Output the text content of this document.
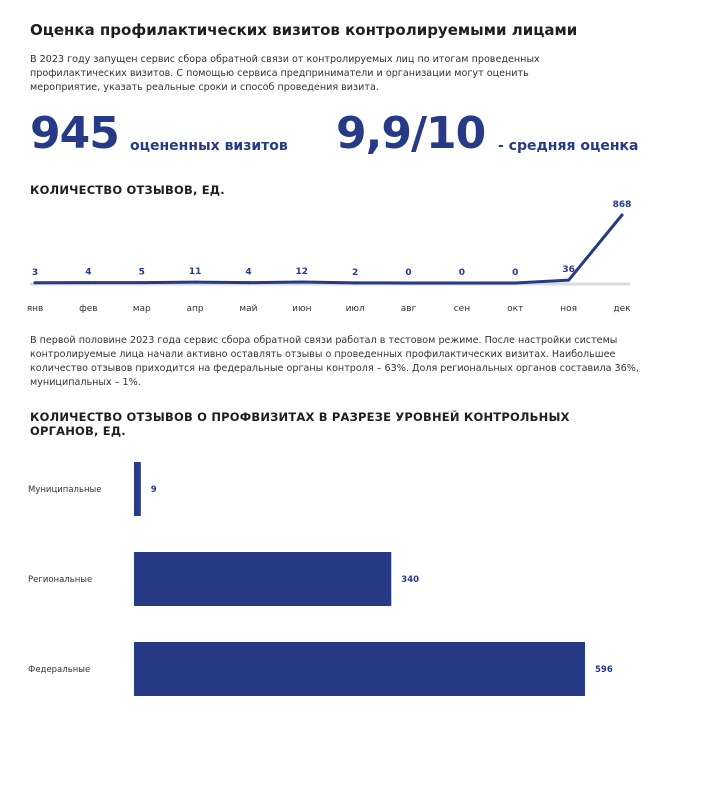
Оценка профилактических визитов контролируемыми лицами

В 2023 году запущен сервис сбора обратной связи от контролируемых лиц по итогам проведенных профилактических визитов. С помощью сервиса предприниматели и организации могут оценить мероприятие, указать реальные сроки и способ проведения визита.

945 оцененных визитов 9,9/10 - средняя оценка
КОЛИЧЕСТВО ОТЗЫВОВ, ЕД.
3
янв
4
фев
5
мар
11
апр
4
май
12
июн
2
июл
0
авг
0
сен
0
окт
36
ноя
868
дек

В первой половине 2023 года сервис сбора обратной связи работал в тестовом режиме. После настройки системы контролируемые лица начали активно оставлять отзывы о проведенных профилактических визитах. Наибольшее количество отзывов приходится на федеральные органы контроля – 63%. Доля региональных органов составила 36%, муниципальных – 1%.

КОЛИЧЕСТВО ОТЗЫВОВ О ПРОФВИЗИТАХ В РАЗРЕЗЕ УРОВНЕЙ КОНТРОЛЬНЫХ ОРГАНОВ, ЕД.
Муниципальные	9
Региональные	340
Федеральные	596
